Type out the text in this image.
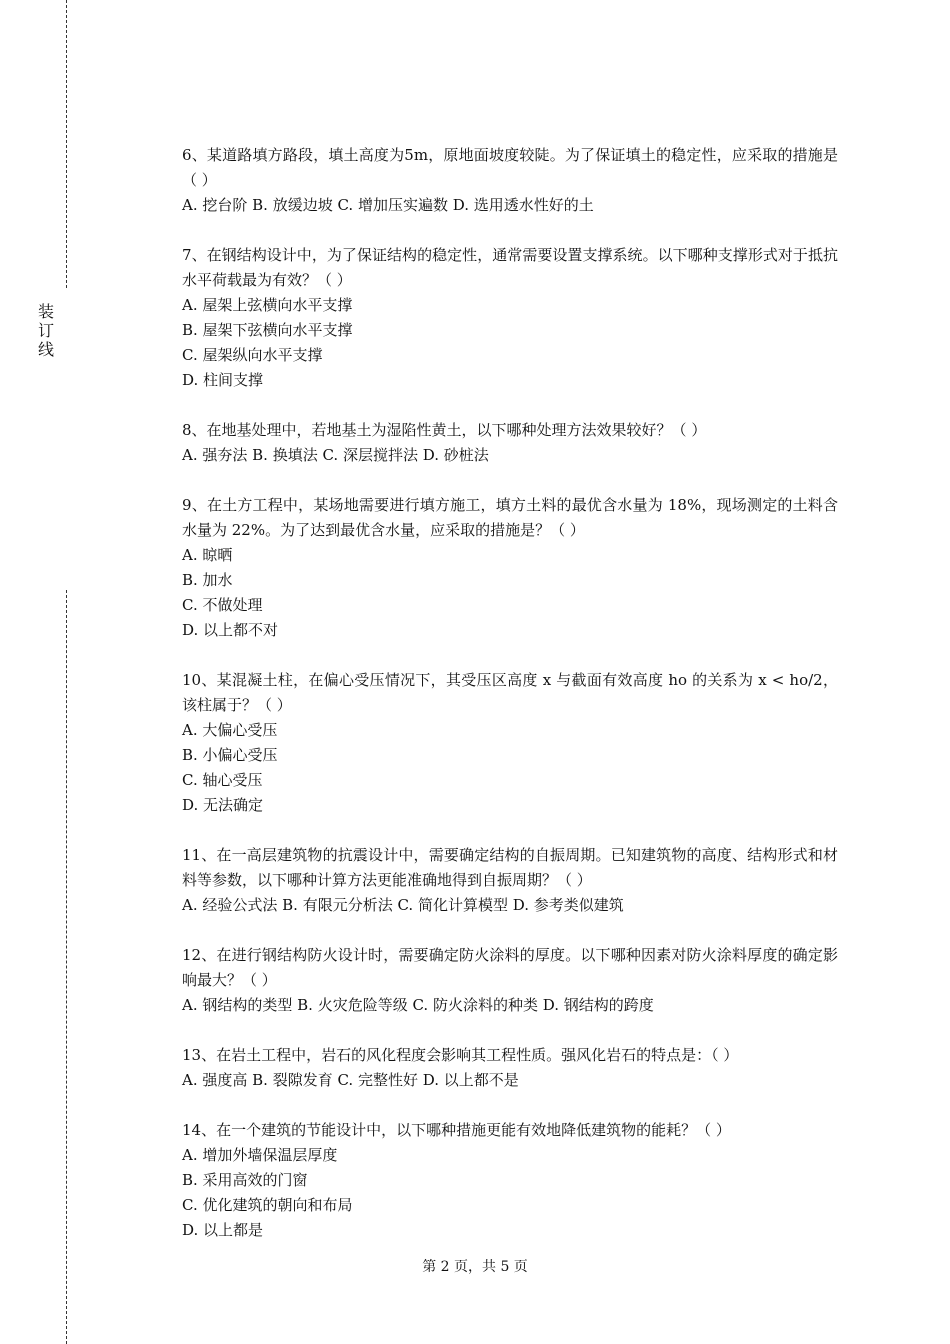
装
订
线

6、某道路填方路段，填土高度为5m，原地面坡度较陡。为了保证填土的稳定性，应采取的措施是（ ）

A. 挖台阶 B. 放缓边坡 C. 增加压实遍数 D. 选用透水性好的土

7、在钢结构设计中，为了保证结构的稳定性，通常需要设置支撑系统。以下哪种支撑形式对于抵抗水平荷载最为有效？（ ）

A. 屋架上弦横向水平支撑

B. 屋架下弦横向水平支撑

C. 屋架纵向水平支撑

D. 柱间支撑

8、在地基处理中，若地基土为湿陷性黄土，以下哪种处理方法效果较好？（ ）

A. 强夯法 B. 换填法 C. 深层搅拌法 D. 砂桩法

9、在土方工程中，某场地需要进行填方施工，填方土料的最优含水量为 18%，现场测定的土料含水量为 22%。为了达到最优含水量，应采取的措施是？（ ）

A. 晾晒

B. 加水

C. 不做处理

D. 以上都不对

10、某混凝土柱，在偏心受压情况下，其受压区高度 x 与截面有效高度 ho 的关系为 x < ho/2，该柱属于？（ ）

A. 大偏心受压

B. 小偏心受压

C. 轴心受压

D. 无法确定

11、在一高层建筑物的抗震设计中，需要确定结构的自振周期。已知建筑物的高度、结构形式和材料等参数，以下哪种计算方法更能准确地得到自振周期？（ ）

A. 经验公式法 B. 有限元分析法 C. 简化计算模型 D. 参考类似建筑

12、在进行钢结构防火设计时，需要确定防火涂料的厚度。以下哪种因素对防火涂料厚度的确定影响最大？（ ）

A. 钢结构的类型 B. 火灾危险等级 C. 防火涂料的种类 D. 钢结构的跨度

13、在岩土工程中，岩石的风化程度会影响其工程性质。强风化岩石的特点是：（ ）

A. 强度高 B. 裂隙发育 C. 完整性好 D. 以上都不是

14、在一个建筑的节能设计中，以下哪种措施更能有效地降低建筑物的能耗？（ ）

A. 增加外墙保温层厚度

B. 采用高效的门窗

C. 优化建筑的朝向和布局

D. 以上都是

第 2 页，共 5 页
